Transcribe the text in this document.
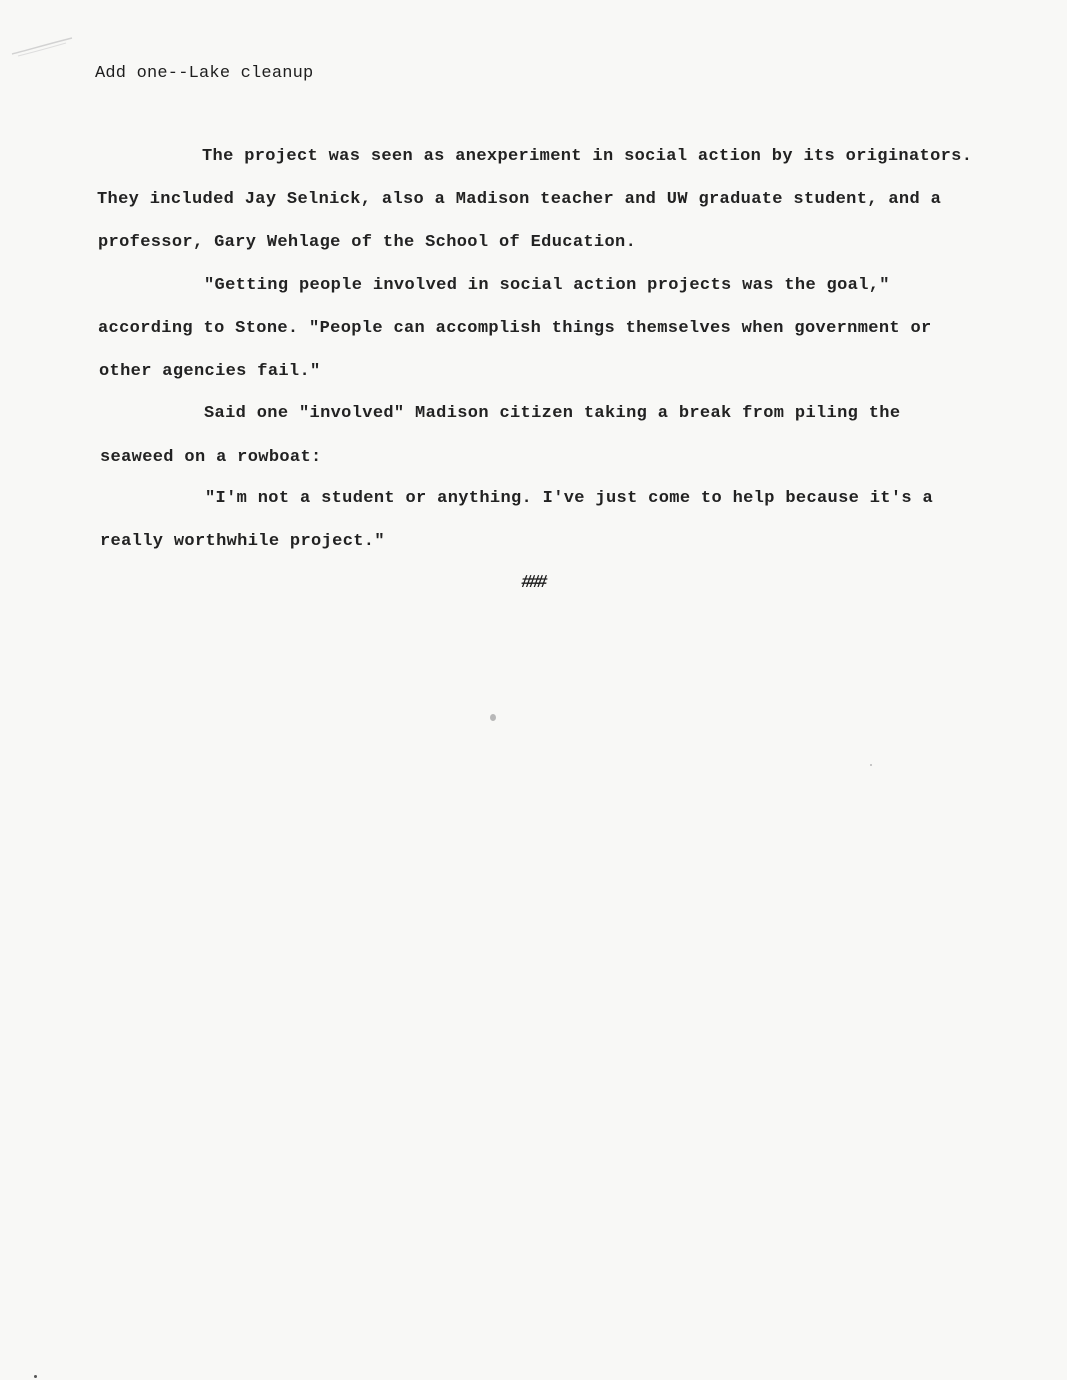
Add one--Lake cleanup
The project was seen as anexperiment in social action by its originators.
They included Jay Selnick, also a Madison teacher and UW graduate student, and a
professor, Gary Wehlage of the School of Education.
"Getting people involved in social action projects was the goal,"
according to Stone. "People can accomplish things themselves when government or
other agencies fail."
Said one "involved" Madison citizen taking a break from piling the
seaweed on a rowboat:
"I'm not a student or anything. I've just come to help because it's a
really worthwhile project."
###
